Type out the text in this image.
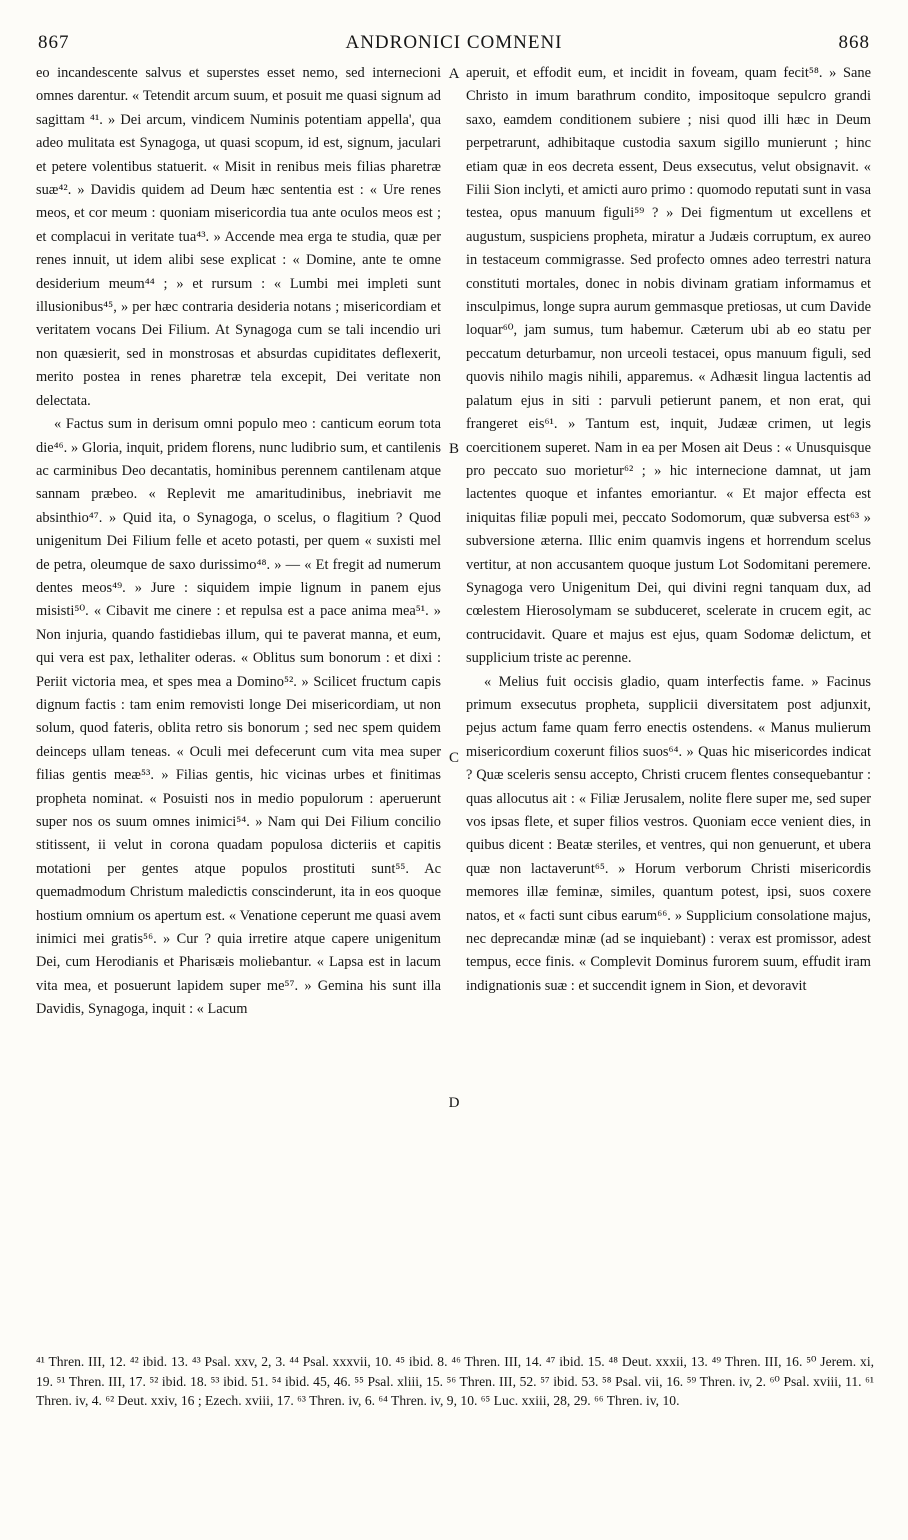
867	ANDRONICI COMNENI	868

eo incandescente salvus et superstes esset nemo, sed internecioni omnes darentur. « Tetendit arcum suum, et posuit me quasi signum ad sagittam ⁴¹. » Dei arcum, vindicem Numinis potentiam appella', qua adeo mulitata est Synagoga, ut quasi scopum, id est, signum, jaculari et petere volentibus statuerit. « Misit in renibus meis filias pharetræ suæ⁴². » Davidis quidem ad Deum hæc sententia est : « Ure renes meos, et cor meum : quoniam misericordia tua ante oculos meos est ; et complacui in veritate tua⁴³. » Accende mea erga te studia, quæ per renes innuit, ut idem alibi sese explicat : « Domine, ante te omne desiderium meum⁴⁴ ; » et rursum : « Lumbi mei impleti sunt illusionibus⁴⁵, » per hæc contraria desideria notans ; misericordiam et veritatem vocans Dei Filium. At Synagoga cum se tali incendio uri non quæsierit, sed in monstrosas et absurdas cupiditates deflexerit, merito postea in renes pharetræ tela excepit, Dei veritate non delectata.

« Factus sum in derisum omni populo meo : canticum eorum tota die⁴⁶. » Gloria, inquit, pridem florens, nunc ludibrio sum, et cantilenis ac carminibus Deo decantatis, hominibus perennem cantilenam atque sannam præbeo. « Replevit me amaritudinibus, inebriavit me absinthio⁴⁷. » Quid ita, o Synagoga, o scelus, o flagitium ? Quod unigenitum Dei Filium felle et aceto potasti, per quem « suxisti mel de petra, oleumque de saxo durissimo⁴⁸. » — « Et fregit ad numerum dentes meos⁴⁹. » Jure : siquidem impie lignum in panem ejus misisti⁵⁰. « Cibavit me cinere : et repulsa est a pace anima mea⁵¹. » Non injuria, quando fastidiebas illum, qui te paverat manna, et eum, qui vera est pax, lethaliter oderas. « Oblitus sum bonorum : et dixi : Periit victoria mea, et spes mea a Domino⁵². » Scilicet fructum capis dignum factis : tam enim removisti longe Dei misericordiam, ut non solum, quod fateris, oblita retro sis bonorum ; sed nec spem quidem deinceps ullam teneas. « Oculi mei defecerunt cum vita mea super filias gentis meæ⁵³. » Filias gentis, hic vicinas urbes et finitimas propheta nominat. « Posuisti nos in medio populorum : aperuerunt super nos os suum omnes inimici⁵⁴. » Nam qui Dei Filium concilio stitissent, ii velut in corona quadam populosa dicteriis et capitis motationi per gentes atque populos prostituti sunt⁵⁵. Ac quemadmodum Christum maledictis conscinderunt, ita in eos quoque hostium omnium os apertum est. « Venatione ceperunt me quasi avem inimici mei gratis⁵⁶. » Cur ? quia irretire atque capere unigenitum Dei, cum Herodianis et Pharisæis moliebantur. « Lapsa est in lacum vita mea, et posuerunt lapidem super me⁵⁷. » Gemina his sunt illa Davidis, Synagoga, inquit : « Lacum

aperuit, et effodit eum, et incidit in foveam, quam fecit⁵⁸. » Sane Christo in imum barathrum condito, impositoque sepulcro grandi saxo, eamdem conditionem subiere ; nisi quod illi hæc in Deum perpetrarunt, adhibitaque custodia saxum sigillo munierunt ; hinc etiam quæ in eos decreta essent, Deus exsecutus, velut obsignavit. « Filii Sion inclyti, et amicti auro primo : quomodo reputati sunt in vasa testea, opus manuum figuli⁵⁹ ? » Dei figmentum ut excellens et augustum, suspiciens propheta, miratur a Judæis corruptum, ex aureo in testaceum commigrasse. Sed profecto omnes adeo terrestri natura constituti mortales, donec in nobis divinam gratiam informamus et insculpimus, longe supra aurum gemmasque pretiosas, ut cum Davide loquar⁶⁰, jam sumus, tum habemur. Cæterum ubi ab eo statu per peccatum deturbamur, non urceoli testacei, opus manuum figuli, sed quovis nihilo magis nihili, apparemus. « Adhæsit lingua lactentis ad palatum ejus in siti : parvuli petierunt panem, et non erat, qui frangeret eis⁶¹. » Tantum est, inquit, Judææ crimen, ut legis coercitionem superet. Nam in ea per Mosen ait Deus : « Unusquisque pro peccato suo morietur⁶² ; » hic internecione damnat, ut jam lactentes quoque et infantes emoriantur. « Et major effecta est iniquitas filiæ populi mei, peccato Sodomorum, quæ subversa est⁶³ » subversione æterna. Illic enim quamvis ingens et horrendum scelus vertitur, at non accusantem quoque justum Lot Sodomitani peremere. Synagoga vero Unigenitum Dei, qui divini regni tanquam dux, ad cœlestem Hierosolymam se subduceret, scelerate in crucem egit, ac contrucidavit. Quare et majus est ejus, quam Sodomæ delictum, et supplicium triste ac perenne.

« Melius fuit occisis gladio, quam interfectis fame. » Facinus primum exsecutus propheta, supplicii diversitatem post adjunxit, pejus actum fame quam ferro enectis ostendens. « Manus mulierum misericordium coxerunt filios suos⁶⁴. » Quas hic misericordes indicat ? Quæ sceleris sensu accepto, Christi crucem flentes consequebantur : quas allocutus ait : « Filiæ Jerusalem, nolite flere super me, sed super vos ipsas flete, et super filios vestros. Quoniam ecce venient dies, in quibus dicent : Beatæ steriles, et ventres, qui non genuerunt, et ubera quæ non lactaverunt⁶⁵. » Horum verborum Christi misericordis memores illæ feminæ, similes, quantum potest, ipsi, suos coxere natos, et « facti sunt cibus earum⁶⁶. » Supplicium consolatione majus, nec deprecandæ minæ (ad se inquiebant) : verax est promissor, adest tempus, ecce finis. « Complevit Dominus furorem suum, effudit iram indignationis suæ : et succendit ignem in Sion, et devoravit

A
B
C
D
⁴¹ Thren. III, 12. ⁴² ibid. 13. ⁴³ Psal. xxv, 2, 3. ⁴⁴ Psal. xxxvii, 10. ⁴⁵ ibid. 8. ⁴⁶ Thren. III, 14. ⁴⁷ ibid. 15. ⁴⁸ Deut. xxxii, 13. ⁴⁹ Thren. III, 16. ⁵⁰ Jerem. xi, 19. ⁵¹ Thren. III, 17. ⁵² ibid. 18. ⁵³ ibid. 51. ⁵⁴ ibid. 45, 46. ⁵⁵ Psal. xliii, 15. ⁵⁶ Thren. III, 52. ⁵⁷ ibid. 53. ⁵⁸ Psal. vii, 16. ⁵⁹ Thren. iv, 2. ⁶⁰ Psal. xviii, 11. ⁶¹ Thren. iv, 4. ⁶² Deut. xxiv, 16 ; Ezech. xviii, 17. ⁶³ Thren. iv, 6. ⁶⁴ Thren. iv, 9, 10. ⁶⁵ Luc. xxiii, 28, 29. ⁶⁶ Thren. iv, 10.
